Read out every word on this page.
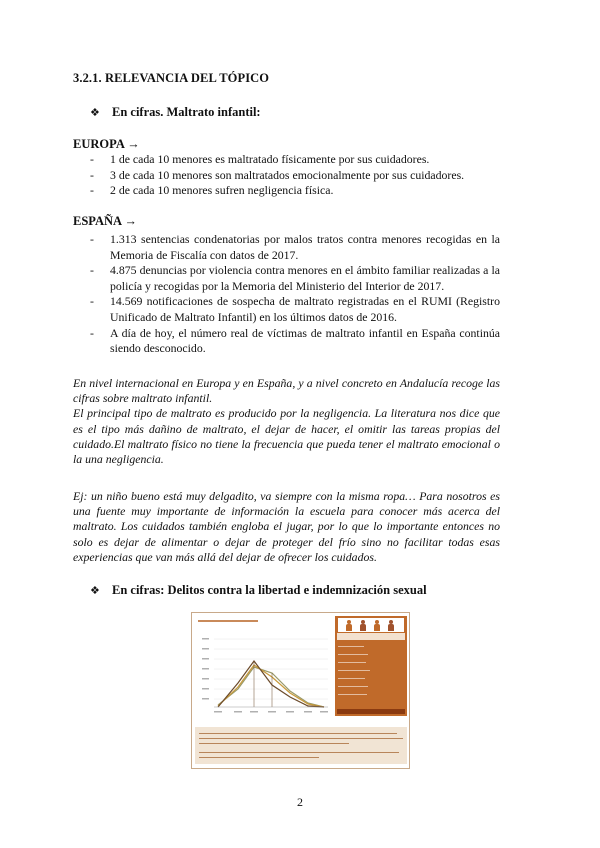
3.2.1. RELEVANCIA DEL TÓPICO
❖ En cifras. Maltrato infantil:
EUROPA →
- 1 de cada 10 menores es maltratado físicamente por sus cuidadores.
- 3 de cada 10 menores son maltratados emocionalmente por sus cuidadores.
- 2 de cada 10 menores sufren negligencia física.
ESPAÑA →
- 1.313 sentencias condenatorias por malos tratos contra menores recogidas en la Memoria de Fiscalía con datos de 2017.
- 4.875 denuncias por violencia contra menores en el ámbito familiar realizadas a la policía y recogidas por la Memoria del Ministerio del Interior de 2017.
- 14.569 notificaciones de sospecha de maltrato registradas en el RUMI (Registro Unificado de Maltrato Infantil) en los últimos datos de 2016.
- A día de hoy, el número real de víctimas de maltrato infantil en España continúa siendo desconocido.
En nivel internacional en Europa y en España, y a nivel concreto en Andalucía recoge las cifras sobre maltrato infantil.
El principal tipo de maltrato es producido por la negligencia. La literatura nos dice que es el tipo más dañino de maltrato, el dejar de hacer, el omitir las tareas propias del cuidado.El maltrato físico no tiene la frecuencia que pueda tener el maltrato emocional o la una negligencia.
Ej: un niño bueno está muy delgadito, va siempre con la misma ropa… Para nosotros es una fuente muy importante de información la escuela para conocer más acerca del maltrato. Los cuidados también engloba el jugar, por lo que lo importante entonces no solo es dejar de alimentar o dejar de proteger del frío sino no facilitar todas esas experiencias que van más allá del dejar de ofrecer los cuidados.
❖ En cifras: Delitos contra la libertad e indemnización sexual
2
